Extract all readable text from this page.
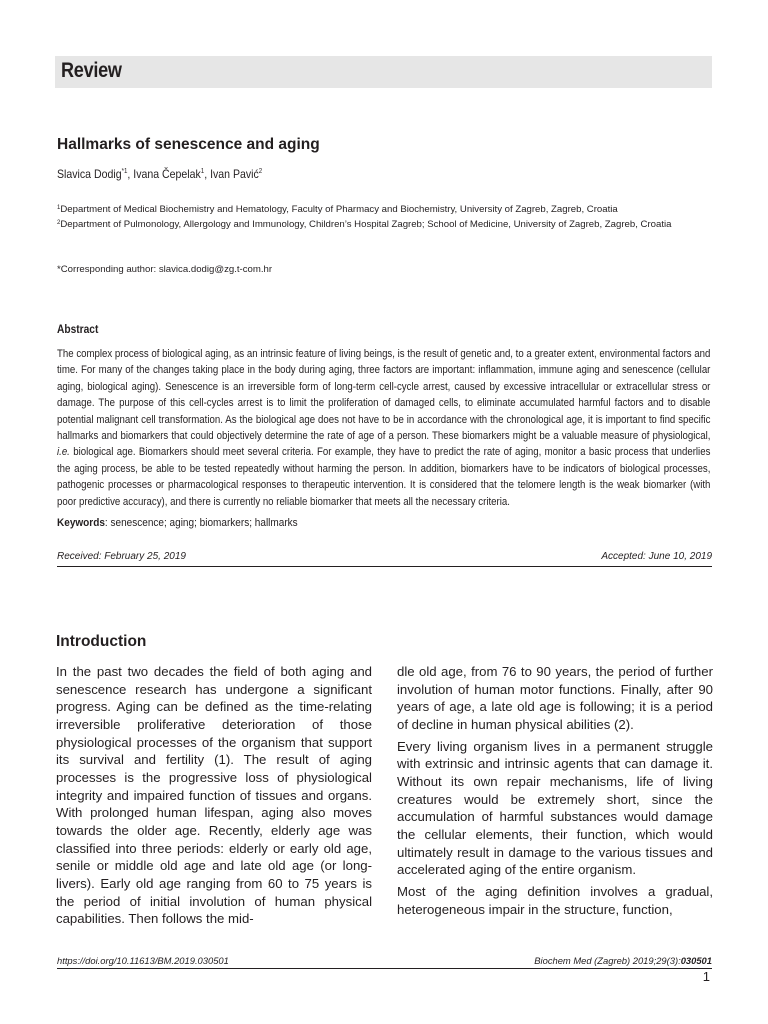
Review
Hallmarks of senescence and aging
Slavica Dodig$^{*1}$, Ivana Čepelak$^1$, Ivan Pavić$^2$
$^1$Department of Medical Biochemistry and Hematology, Faculty of Pharmacy and Biochemistry, University of Zagreb, Zagreb, Croatia
$^2$Department of Pulmonology, Allergology and Immunology, Children’s Hospital Zagreb; School of Medicine, University of Zagreb, Zagreb, Croatia
*Corresponding author: slavica.dodig@zg.t-com.hr
Abstract
The complex process of biological aging, as an intrinsic feature of living beings, is the result of genetic and, to a greater extent, environmental factors and time. For many of the changes taking place in the body during aging, three factors are important: inflammation, immune aging and senescence (cellular aging, biological aging). Senescence is an irreversible form of long-term cell-cycle arrest, caused by excessive intracellular or extracellular stress or damage. The purpose of this cell-cycles arrest is to limit the proliferation of damaged cells, to eliminate accumulated harmful factors and to disable potential malignant cell transformation. As the biological age does not have to be in accordance with the chronological age, it is important to find specific hallmarks and biomarkers that could objectively determine the rate of age of a person. These biomarkers might be a valuable measure of physiological, i.e. biological age. Biomarkers should meet several criteria. For example, they have to predict the rate of aging, monitor a basic process that underlies the aging process, be able to be tested repeatedly without harming the person. In addition, biomarkers have to be indicators of biological processes, pathogenic processes or pharmacological responses to therapeutic intervention. It is considered that the telomere length is the weak biomarker (with poor predictive accuracy), and there is currently no reliable biomarker that meets all the necessary criteria.
Keywords: senescence; aging; biomarkers; hallmarks
Received: February 25, 2019	Accepted: June 10, 2019
Introduction

In the past two decades the field of both aging and senescence research has undergone a significant progress. Aging can be defined as the time-relating irreversible proliferative deterioration of those physiological processes of the organism that support its survival and fertility (1). The result of aging processes is the progressive loss of physiological integrity and impaired function of tissues and organs. With prolonged human lifespan, aging also moves towards the older age. Recently, elderly age was classified into three periods: elderly or early old age, senile or middle old age and late old age (or long-livers). Early old age ranging from 60 to 75 years is the period of initial involution of human physical capabilities. Then follows the mid-

dle old age, from 76 to 90 years, the period of further involution of human motor functions. Finally, after 90 years of age, a late old age is following; it is a period of decline in human physical abilities (2).

Every living organism lives in a permanent struggle with extrinsic and intrinsic agents that can damage it. Without its own repair mechanisms, life of living creatures would be extremely short, since the accumulation of harmful substances would damage the cellular elements, their function, which would ultimately result in damage to the various tissues and accelerated aging of the entire organism.

Most of the aging definition involves a gradual, heterogeneous impair in the structure, function,

https://doi.org/10.11613/BM.2019.030501	Biochem Med (Zagreb) 2019;29(3):030501
1
